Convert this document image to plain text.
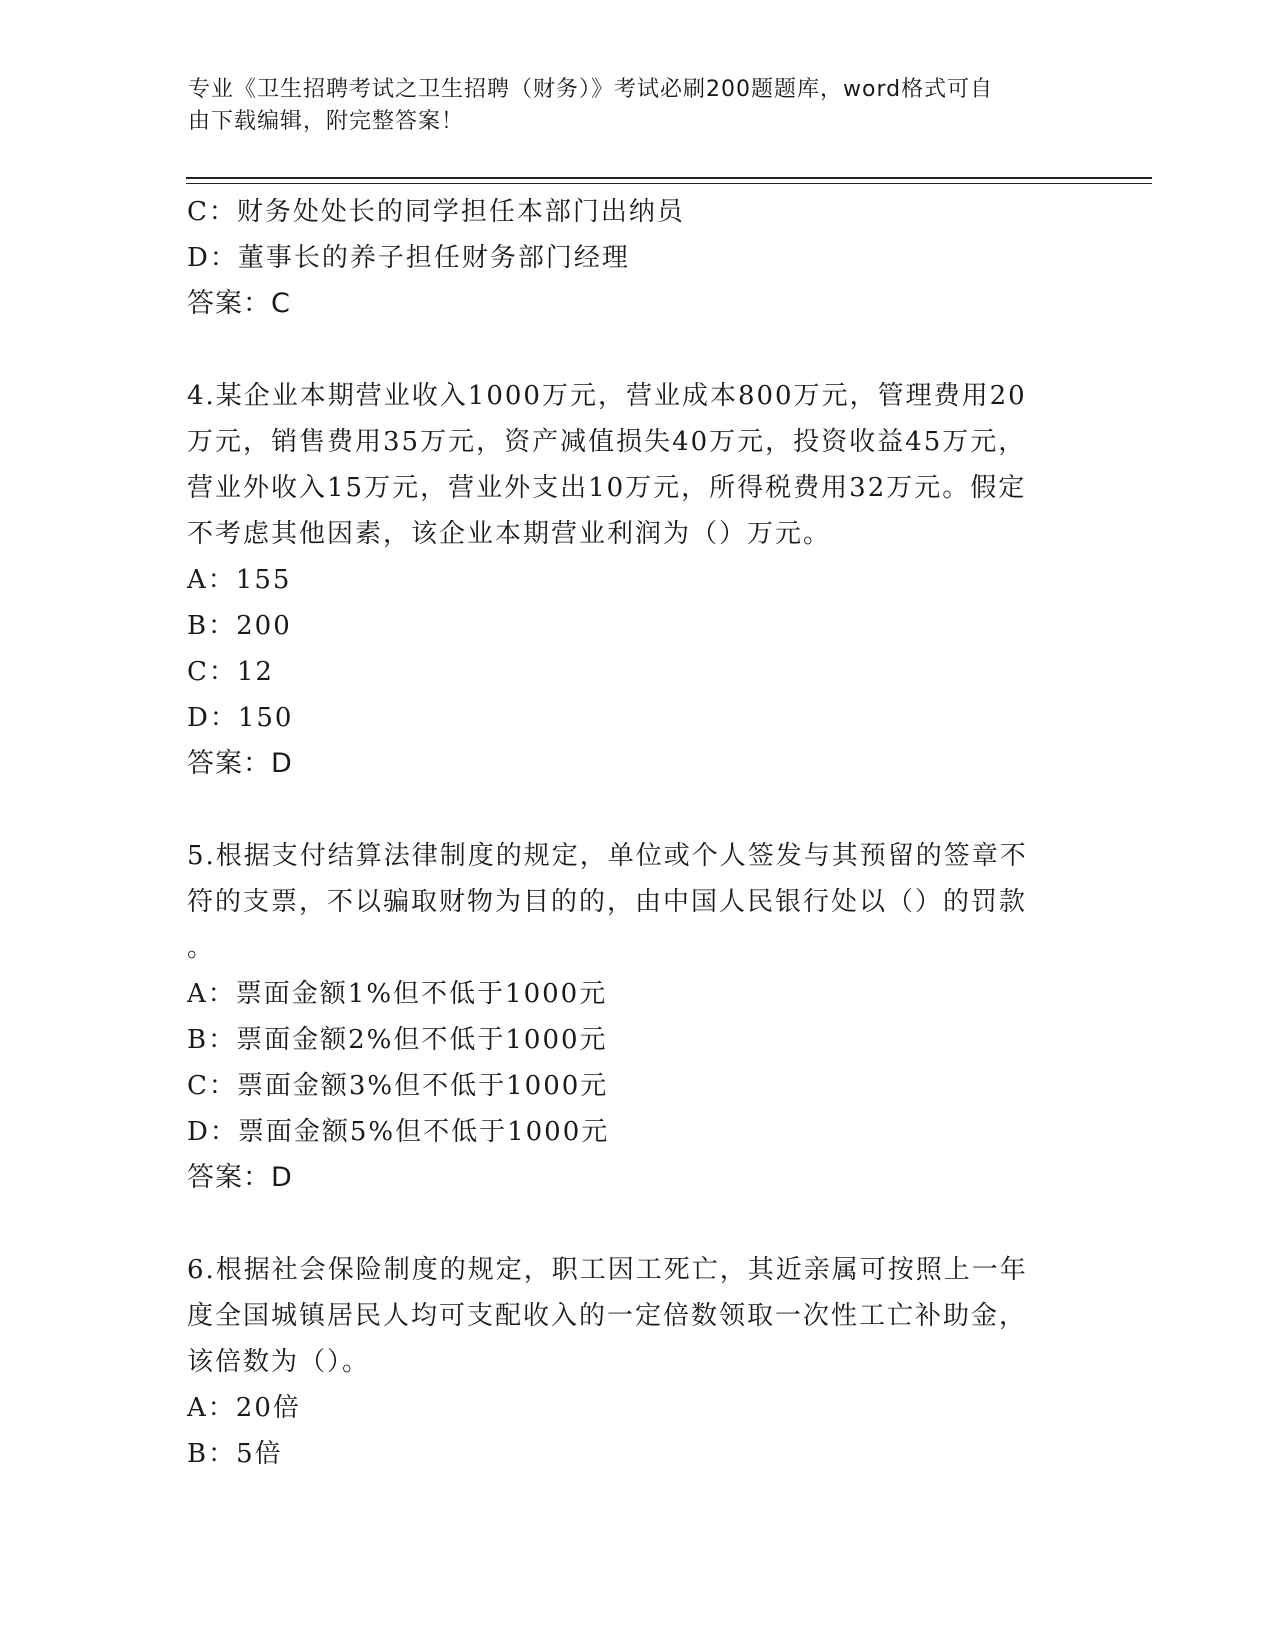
专业《卫生招聘考试之卫生招聘（财务）》考试必刷200题题库，word格式可自
由下载编辑，附完整答案！
C：财务处处长的同学担任本部门出纳员
D：董事长的养子担任财务部门经理
答案：C
4.某企业本期营业收入1000万元，营业成本800万元，管理费用20
万元，销售费用35万元，资产减值损失40万元，投资收益45万元，
营业外收入15万元，营业外支出10万元，所得税费用32万元。假定
不考虑其他因素，该企业本期营业利润为（）万元。
A：155
B：200
C：12
D：150
答案：D
5.根据支付结算法律制度的规定，单位或个人签发与其预留的签章不
符的支票，不以骗取财物为目的的，由中国人民银行处以（）的罚款
。
A：票面金额1%但不低于1000元
B：票面金额2%但不低于1000元
C：票面金额3%但不低于1000元
D：票面金额5%但不低于1000元
答案：D
6.根据社会保险制度的规定，职工因工死亡，其近亲属可按照上一年
度全国城镇居民人均可支配收入的一定倍数领取一次性工亡补助金，
该倍数为（）。
A：20倍
B：5倍
